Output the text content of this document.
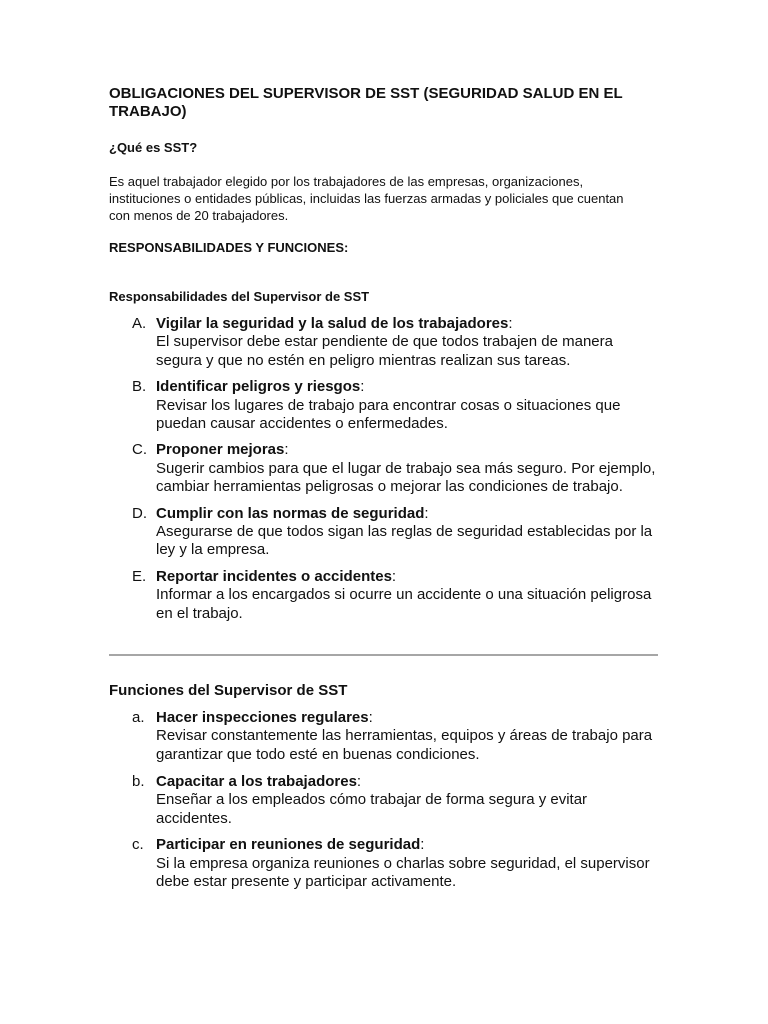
OBLIGACIONES DEL SUPERVISOR DE SST (SEGURIDAD SALUD EN EL TRABAJO)

¿Qué es SST?

Es aquel trabajador elegido por los trabajadores de las empresas, organizaciones, instituciones o entidades públicas, incluidas las fuerzas armadas y policiales que cuentan con menos de 20 trabajadores.

RESPONSABILIDADES Y FUNCIONES:

Responsabilidades del Supervisor de SST

A. Vigilar la seguridad y la salud de los trabajadores:
El supervisor debe estar pendiente de que todos trabajen de manera segura y que no estén en peligro mientras realizan sus tareas.
B. Identificar peligros y riesgos:
Revisar los lugares de trabajo para encontrar cosas o situaciones que puedan causar accidentes o enfermedades.
C. Proponer mejoras:
Sugerir cambios para que el lugar de trabajo sea más seguro. Por ejemplo, cambiar herramientas peligrosas o mejorar las condiciones de trabajo.
D. Cumplir con las normas de seguridad:
Asegurarse de que todos sigan las reglas de seguridad establecidas por la ley y la empresa.
E. Reportar incidentes o accidentes:
Informar a los encargados si ocurre un accidente o una situación peligrosa en el trabajo.

Funciones del Supervisor de SST

a. Hacer inspecciones regulares:
Revisar constantemente las herramientas, equipos y áreas de trabajo para garantizar que todo esté en buenas condiciones.
b. Capacitar a los trabajadores:
Enseñar a los empleados cómo trabajar de forma segura y evitar accidentes.
c. Participar en reuniones de seguridad:
Si la empresa organiza reuniones o charlas sobre seguridad, el supervisor debe estar presente y participar activamente.
